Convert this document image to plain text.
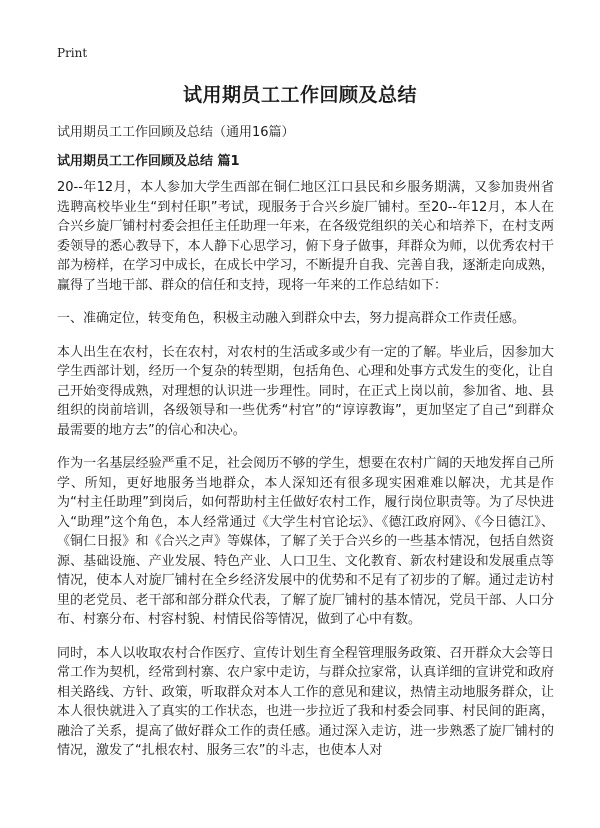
Print
试用期员工工作回顾及总结

试用期员工工作回顾及总结（通用16篇）

试用期员工工作回顾及总结 篇1

20--年12月，本人参加大学生西部在铜仁地区江口县民和乡服务期满，又参加贵州省选聘高校毕业生“到村任职”考试，现服务于合兴乡旋厂铺村。至20--年12月，本人在合兴乡旋厂铺村村委会担任主任助理一年来，在各级党组织的关心和培养下，在村支两委领导的悉心教导下，本人静下心思学习，俯下身子做事，拜群众为师，以优秀农村干部为榜样，在学习中成长，在成长中学习，不断提升自我、完善自我，逐渐走向成熟，赢得了当地干部、群众的信任和支持，现将一年来的工作总结如下：

一、准确定位，转变角色，积极主动融入到群众中去，努力提高群众工作责任感。

本人出生在农村，长在农村，对农村的生活或多或少有一定的了解。毕业后，因参加大学生西部计划，经历一个复杂的转型期，包括角色、心理和处事方式发生的变化，让自己开始变得成熟，对理想的认识进一步理性。同时，在正式上岗以前，参加省、地、县组织的岗前培训，各级领导和一些优秀“村官”的“谆谆教诲”，更加坚定了自己“到群众最需要的地方去”的信心和决心。

作为一名基层经验严重不足，社会阅历不够的学生，想要在农村广阔的天地发挥自己所学、所知，更好地服务当地群众，本人深知还有很多现实困难难以解决，尤其是作为“村主任助理”到岗后，如何帮助村主任做好农村工作，履行岗位职责等。为了尽快进入“助理”这个角色，本人经常通过《大学生村官论坛》、《德江政府网》、《今日德江》、《铜仁日报》和《合兴之声》等媒体，了解了关于合兴乡的一些基本情况，包括自然资源、基础设施、产业发展、特色产业、人口卫生、文化教育、新农村建设和发展重点等情况，使本人对旋厂铺村在全乡经济发展中的优势和不足有了初步的了解。通过走访村里的老党员、老干部和部分群众代表，了解了旋厂铺村的基本情况，党员干部、人口分布、村寨分布、村容村貌、村情民俗等情况，做到了心中有数。

同时，本人以收取农村合作医疗、宣传计划生育全程管理服务政策、召开群众大会等日常工作为契机，经常到村寨、农户家中走访，与群众拉家常，认真详细的宣讲党和政府相关路线、方针、政策，听取群众对本人工作的意见和建议，热情主动地服务群众，让本人很快就进入了真实的工作状态，也进一步拉近了我和村委会同事、村民间的距离，融洽了关系，提高了做好群众工作的责任感。通过深入走访，进一步熟悉了旋厂铺村的情况，激发了“扎根农村、服务三农”的斗志，也使本人对
